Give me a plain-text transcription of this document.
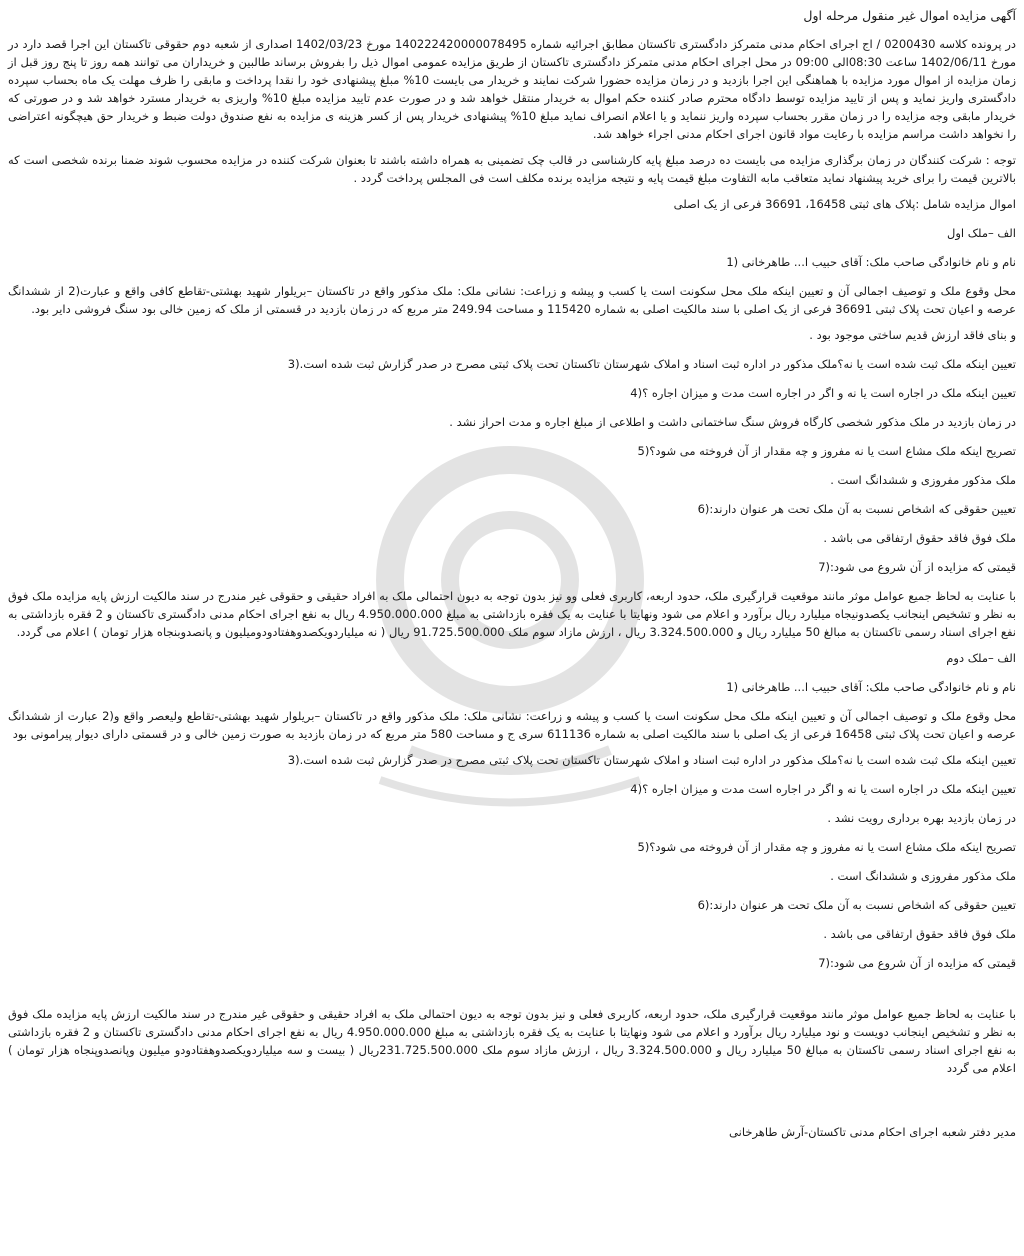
آگهی مزایده اموال غیر منقول مرحله اول

در پرونده کلاسه 0200430 / اج اجرای احکام مدنی متمرکز دادگستری تاکستان مطابق اجرائیه شماره 140222420000078495 مورخ 1402/03/23 اصداری از شعبه دوم حقوقی تاکستان این اجرا قصد دارد در مورخ 1402/06/11 ساعت 08:30الی 09:00 در محل اجرای احکام مدنی متمرکز دادگستری تاکستان از طریق مزایده عمومی اموال ذیل را بفروش برساند طالبین و خریداران می توانند همه روز تا پنج روز قبل از زمان مزایده از اموال مورد مزایده با هماهنگی این اجرا بازدید و در زمان مزایده حضورا شرکت نمایند و خریدار می بایست 10% مبلغ پیشنهادی خود را نقدا پرداخت و مابقی را ظرف مهلت یک ماه بحساب سپرده دادگستری واریز نماید و پس از تایید مزایده توسط دادگاه محترم صادر کننده حکم اموال به خریدار منتقل خواهد شد و در صورت عدم تایید مزایده مبلغ 10% واریزی به خریدار مسترد خواهد شد و در صورتی که خریدار مابقی وجه مزایده را در زمان مقرر بحساب سپرده واریز ننماید و یا اعلام انصراف نماید مبلغ 10% پیشنهادی خریدار پس از کسر هزینه ی مزایده به نفع صندوق دولت ضبط و خریدار حق هیچگونه اعتراضی را نخواهد داشت مراسم مزایده با رعایت مواد قانون اجرای احکام مدنی اجراء خواهد شد.

توجه : شرکت کنندگان در زمان برگذاری مزایده می بایست ده درصد مبلغ پایه کارشناسی در قالب چک تضمینی به همراه داشته باشند تا بعنوان شرکت کننده در مزایده محسوب شوند ضمنا برنده شخصی است که بالاترین قیمت را برای خرید پیشنهاد نماید متعاقب مابه التفاوت مبلغ قیمت پایه و نتیجه مزایده برنده مکلف است فی المجلس پرداخت گردد .

اموال مزایده شامل :پلاک های ثبتی 16458، 36691 فرعی از یک اصلی

الف –ملک اول

نام و نام خانوادگی صاحب ملک: آقای حبیب ا... طاهرخانی (1

محل وقوع ملک و توصیف اجمالی آن و تعیین اینکه ملک محل سکونت است یا کسب و پیشه و زراعت: نشانی ملک: ملک مذکور واقع در تاکستان –بریلوار شهید بهشتی-تقاطع کافی واقع و عبارت(2 از ششدانگ عرصه و اعیان تحت پلاک ثبتی 36691 فرعی از یک اصلی با سند مالکیت اصلی به شماره 115420 و مساحت 249.94 متر مربع که در زمان بازدید در قسمتی از ملک که زمین خالی بود سنگ فروشی دایر بود.

و بنای فاقد ارزش قدیم ساختی موجود بود .

تعیین اینکه ملک ثبت شده است یا نه؟ملک مذکور در اداره ثبت اسناد و املاک شهرستان تاکستان تحت پلاک ثبتی مصرح در صدر گزارش ثبت شده است.(3

تعیین اینکه ملک در اجاره است یا نه و اگر در اجاره است مدت و میزان اجاره ؟(4

در زمان بازدید در ملک مذکور شخصی کارگاه فروش سنگ ساختمانی داشت و اطلاعی از مبلغ اجاره و مدت احراز نشد .

تصریح اینکه ملک مشاع است یا نه مفروز و چه مقدار از آن فروخته می شود؟(5

ملک مذکور مفروزی و ششدانگ است .

تعیین حقوقی که اشخاص نسبت به آن ملک تحت هر عنوان دارند:(6

ملک فوق فاقد حقوق ارتفاقی می باشد .

قیمتی که مزایده از آن شروع می شود:(7

با عنایت به لحاظ جمیع عوامل موثر مانند موقعیت قرارگیری ملک، حدود اربعه، کاربری فعلی وو نیز بدون توجه به دیون احتمالی ملک به افراد حقیقی و حقوقی غیر مندرج در سند مالکیت ارزش پایه مزایده ملک فوق به نظر و تشخیص اینجانب یکصدونیجاه میلیارد ریال برآورد و اعلام می شود ونهایتا با عنایت به یک فقره بازداشتی به مبلغ 4.950.000.000 ریال به نفع اجرای احکام مدنی دادگستری تاکستان و 2 فقره بازداشتی به نفع اجرای اسناد رسمی تاکستان به مبالغ 50 میلیارد ریال و 3.324.500.000 ریال ، ارزش مازاد سوم ملک 91.725.500.000 ریال ( نه میلیاردویکصدوهفتادودومیلیون و پانصدوبنجاه هزار تومان ) اعلام می گردد.

الف –ملک دوم

نام و نام خانوادگی صاحب ملک: آقای حبیب ا... طاهرخانی (1

محل وقوع ملک و توصیف اجمالی آن و تعیین اینکه ملک محل سکونت است یا کسب و پیشه و زراعت: نشانی ملک: ملک مذکور واقع در تاکستان –بریلوار شهید بهشتی-تقاطع ولیعصر واقع و(2 عبارت از ششدانگ عرصه و اعیان تحت پلاک ثبتی 16458 فرعی از یک اصلی با سند مالکیت اصلی به شماره 611136 سری ج و مساحت 580 متر مربع که در زمان بازدید به صورت زمین خالی و در قسمتی دارای دیوار پیرامونی بود

تعیین اینکه ملک ثبت شده است یا نه؟ملک مذکور در اداره ثبت اسناد و املاک شهرستان تاکستان تحت پلاک ثبتی مصرح در صدر گزارش ثبت شده است.(3

تعیین اینکه ملک در اجاره است یا نه و اگر در اجاره است مدت و میزان اجاره ؟(4

در زمان بازدید بهره برداری رویت نشد .

تصریح اینکه ملک مشاع است یا نه مفروز و چه مقدار از آن فروخته می شود؟(5

ملک مذکور مفروزی و ششدانگ است .

تعیین حقوقی که اشخاص نسبت به آن ملک تحت هر عنوان دارند:(6

ملک فوق فاقد حقوق ارتفاقی می باشد .

قیمتی که مزایده از آن شروع می شود:(7

با عنایت به لحاظ جمیع عوامل موثر مانند موقعیت قرارگیری ملک، حدود اربعه، کاربری فعلی و نیز بدون توجه به دیون احتمالی ملک به افراد حقیقی و حقوقی غیر مندرج در سند مالکیت ارزش پایه مزایده ملک فوق به نظر و تشخیص اینجانب دویست و نود میلیارد ریال برآورد و اعلام می شود ونهایتا با عنایت به یک فقره بازداشتی به مبلغ 4.950.000.000 ریال به نفع اجرای احکام مدنی دادگستری تاکستان و 2 فقره بازداشتی به نفع اجرای اسناد رسمی تاکستان به مبالغ 50 میلیارد ریال و 3.324.500.000 ریال ، ارزش مازاد سوم ملک 231.725.500.000ریال ( بیست و سه میلیاردویکصدوهفتادودو میلیون وپانصدوپنجاه هزار تومان ) اعلام می گردد

مدیر دفتر شعبه اجرای احکام مدنی تاکستان-آرش طاهرخانی
